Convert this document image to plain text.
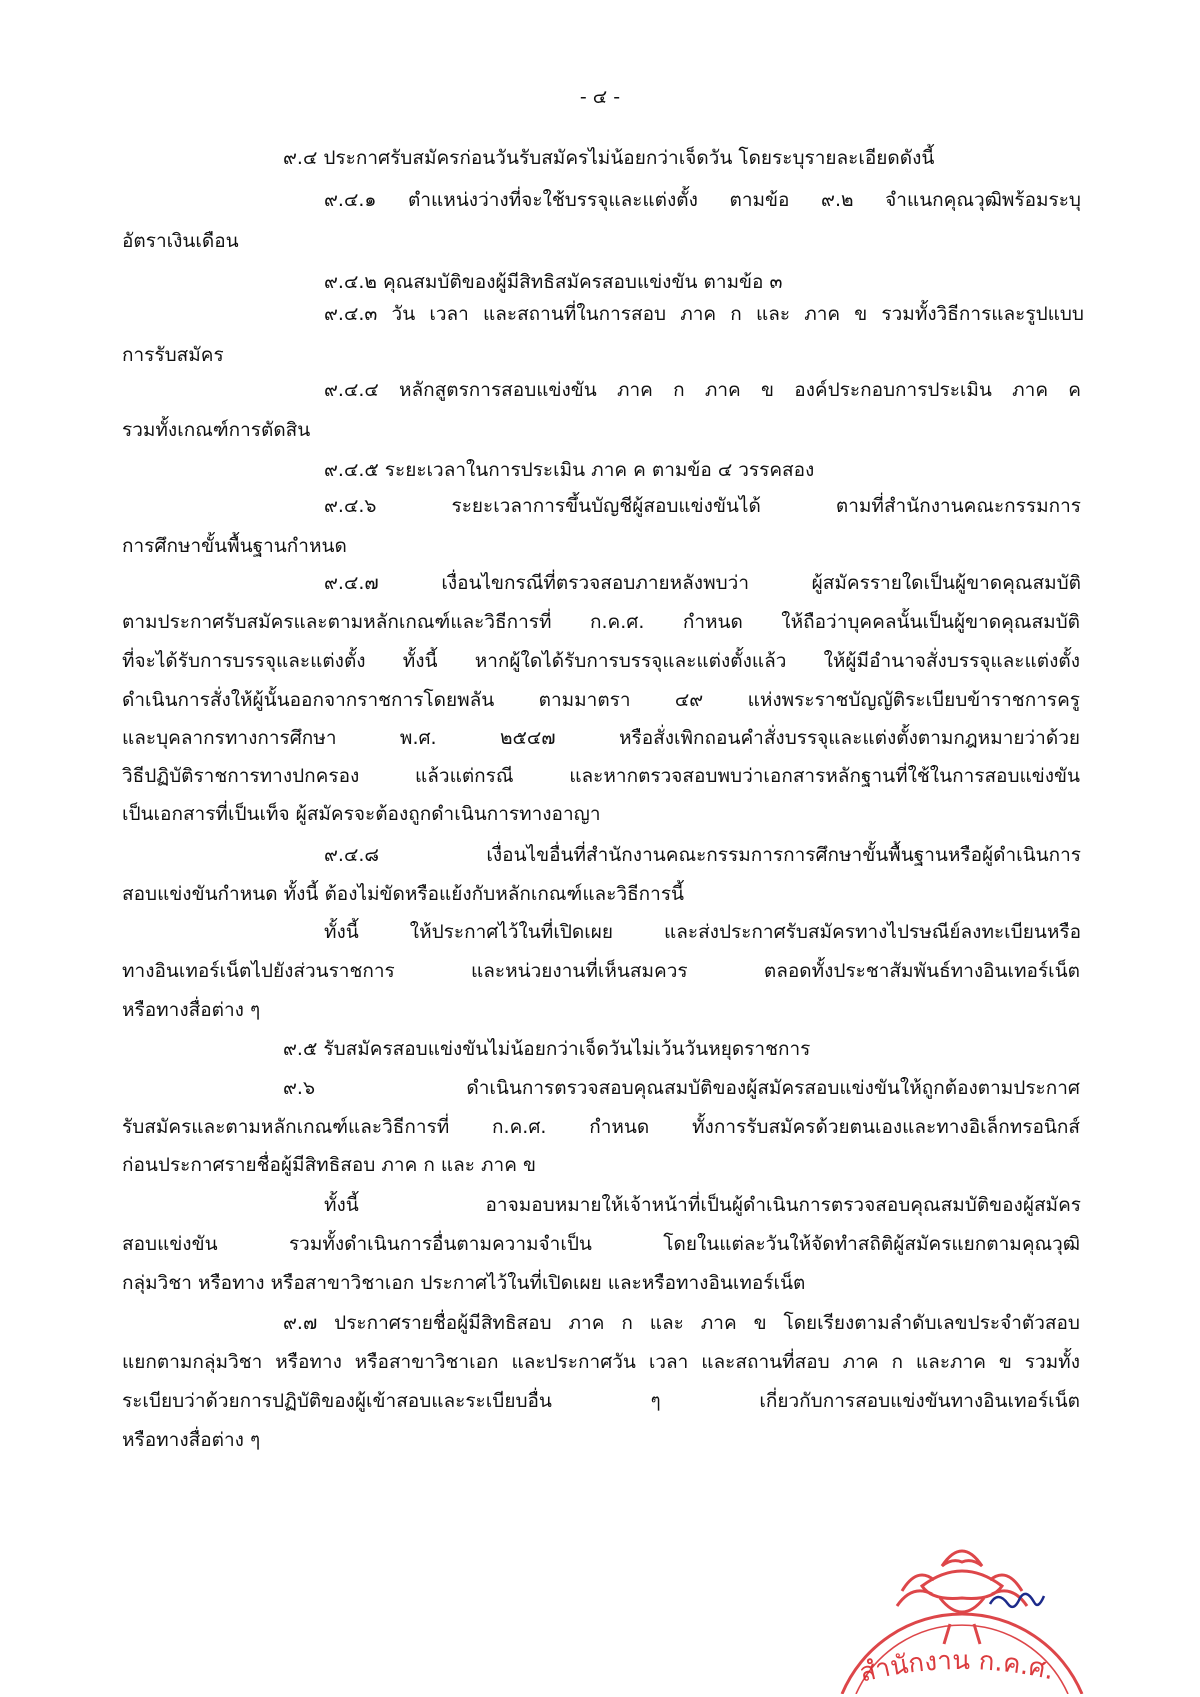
- ๔ -
๙.๔ ประกาศรับสมัครก่อนวันรับสมัครไม่น้อยกว่าเจ็ดวัน โดยระบุรายละเอียดดังนี้
๙.๔.๑ ตำแหน่งว่างที่จะใช้บรรจุและแต่งตั้ง ตามข้อ ๙.๒ จำแนกคุณวุฒิพร้อมระบุ
อัตราเงินเดือน
๙.๔.๒ คุณสมบัติของผู้มีสิทธิสมัครสอบแข่งขัน ตามข้อ ๓
๙.๔.๓ วัน เวลา และสถานที่ในการสอบ ภาค ก และ ภาค ข รวมทั้งวิธีการและรูปแบบ
การรับสมัคร
๙.๔.๔ หลักสูตรการสอบแข่งขัน ภาค ก ภาค ข องค์ประกอบการประเมิน ภาค ค
รวมทั้งเกณฑ์การตัดสิน
๙.๔.๕ ระยะเวลาในการประเมิน ภาค ค ตามข้อ ๔ วรรคสอง
๙.๔.๖ ระยะเวลาการขึ้นบัญชีผู้สอบแข่งขันได้ ตามที่สำนักงานคณะกรรมการ
การศึกษาขั้นพื้นฐานกำหนด
๙.๔.๗ เงื่อนไขกรณีที่ตรวจสอบภายหลังพบว่า ผู้สมัครรายใดเป็นผู้ขาดคุณสมบัติ
ตามประกาศรับสมัครและตามหลักเกณฑ์และวิธีการที่ ก.ค.ศ. กำหนด ให้ถือว่าบุคคลนั้นเป็นผู้ขาดคุณสมบัติ
ที่จะได้รับการบรรจุและแต่งตั้ง ทั้งนี้ หากผู้ใดได้รับการบรรจุและแต่งตั้งแล้ว ให้ผู้มีอำนาจสั่งบรรจุและแต่งตั้ง
ดำเนินการสั่งให้ผู้นั้นออกจากราชการโดยพลัน ตามมาตรา ๔๙ แห่งพระราชบัญญัติระเบียบข้าราชการครู
และบุคลากรทางการศึกษา พ.ศ. ๒๕๔๗ หรือสั่งเพิกถอนคำสั่งบรรจุและแต่งตั้งตามกฎหมายว่าด้วย
วิธีปฏิบัติราชการทางปกครอง แล้วแต่กรณี และหากตรวจสอบพบว่าเอกสารหลักฐานที่ใช้ในการสอบแข่งขัน
เป็นเอกสารที่เป็นเท็จ ผู้สมัครจะต้องถูกดำเนินการทางอาญา
๙.๔.๘ เงื่อนไขอื่นที่สำนักงานคณะกรรมการการศึกษาขั้นพื้นฐานหรือผู้ดำเนินการ
สอบแข่งขันกำหนด ทั้งนี้ ต้องไม่ขัดหรือแย้งกับหลักเกณฑ์และวิธีการนี้
ทั้งนี้ ให้ประกาศไว้ในที่เปิดเผย และส่งประกาศรับสมัครทางไปรษณีย์ลงทะเบียนหรือ
ทางอินเทอร์เน็ตไปยังส่วนราชการ และหน่วยงานที่เห็นสมควร ตลอดทั้งประชาสัมพันธ์ทางอินเทอร์เน็ต
หรือทางสื่อต่าง ๆ
๙.๕ รับสมัครสอบแข่งขันไม่น้อยกว่าเจ็ดวันไม่เว้นวันหยุดราชการ
๙.๖ ดำเนินการตรวจสอบคุณสมบัติของผู้สมัครสอบแข่งขันให้ถูกต้องตามประกาศ
รับสมัครและตามหลักเกณฑ์และวิธีการที่ ก.ค.ศ. กำหนด ทั้งการรับสมัครด้วยตนเองและทางอิเล็กทรอนิกส์
ก่อนประกาศรายชื่อผู้มีสิทธิสอบ ภาค ก และ ภาค ข
ทั้งนี้ อาจมอบหมายให้เจ้าหน้าที่เป็นผู้ดำเนินการตรวจสอบคุณสมบัติของผู้สมัคร
สอบแข่งขัน รวมทั้งดำเนินการอื่นตามความจำเป็น โดยในแต่ละวันให้จัดทำสถิติผู้สมัครแยกตามคุณวุฒิ
กลุ่มวิชา หรือทาง หรือสาขาวิชาเอก ประกาศไว้ในที่เปิดเผย และหรือทางอินเทอร์เน็ต
๙.๗ ประกาศรายชื่อผู้มีสิทธิสอบ ภาค ก และ ภาค ข โดยเรียงตามลำดับเลขประจำตัวสอบ
แยกตามกลุ่มวิชา หรือทาง หรือสาขาวิชาเอก และประกาศวัน เวลา และสถานที่สอบ ภาค ก และภาค ข รวมทั้ง
ระเบียบว่าด้วยการปฏิบัติของผู้เข้าสอบและระเบียบอื่น ๆ เกี่ยวกับการสอบแข่งขันทางอินเทอร์เน็ต
หรือทางสื่อต่าง ๆ
สำนักงาน ก.ค.ศ.
